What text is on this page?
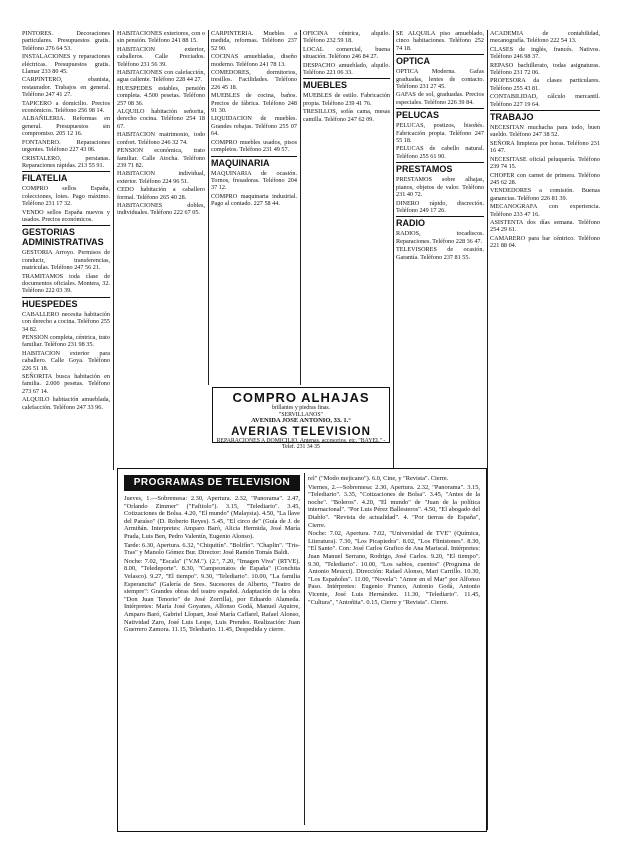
PINTORES. Decoraciones particulares. Presupuestos gratis. Teléfono 276 64 53.

INSTALACIONES y reparaciones eléctricas. Presupuestos gratis. Llamar 233 80 45.

CARPINTERO, ebanista, restaurador. Trabajos en general. Teléfono 247 41 27.

TAPICERO a domicilio. Precios económicos. Teléfono 256 98 14.

ALBAÑILERIA. Reformas en general. Presupuestos sin compromiso. 205 12 16.

FONTANERO. Reparaciones urgentes. Teléfono 227 43 06.

CRISTALERO, persianas. Reparaciones rápidas. 213 55 91.

FILATELIA

COMPRO sellos España, colecciones, lotes. Pago máximo. Teléfono 231 17 32.

VENDO sellos España nuevos y usados. Precios económicos.

GESTORIAS ADMINISTRATIVAS

GESTORIA Arroyo. Permisos de conducir, transferencias, matrículas. Teléfono 247 56 21.

TRAMITAMOS toda clase de documentos oficiales. Montera, 32. Teléfono 222 03 39.

HUESPEDES

CABALLERO necesita habitación con derecho a cocina. Teléfono 255 34 82.

PENSION completa, céntrica, trato familiar. Teléfono 231 98 35.

HABITACION exterior para caballero. Calle Goya. Teléfono 226 51 18.

SEÑORITA busca habitación en familia. 2.000 pesetas. Teléfono 273 67 14.

ALQUILO habitación amueblada, calefacción. Teléfono 247 33 96.

HABITACIONES exteriores, con o sin pensión. Teléfono 241 88 15.

HABITACION exterior, caballeros. Calle Preciados. Teléfono 231 56 39.

HABITACIONES con calefacción, agua caliente. Teléfono 228 44 27.

HUESPEDES estables, pensión completa. 4.500 pesetas. Teléfono 257 08 36.

ALQUILO habitación señorita, derecho cocina. Teléfono 254 18 67.

HABITACION matrimonio, todo confort. Teléfono 246 32 74.

PENSION económica, trato familiar. Calle Atocha. Teléfono 239 71 82.

HABITACION individual, exterior. Teléfono 224 96 51.

CEDO habitación a caballero formal. Teléfono 265 40 28.

HABITACIONES dobles, individuales. Teléfono 222 67 05.

CARPINTERIA. Muebles a medida, reformas. Teléfono 237 52 90.

COCINAS amuebladas, diseño moderno. Teléfono 241 78 13.

COMEDORES, dormitorios, tresillos. Facilidades. Teléfono 226 45 18.

MUEBLES de cocina, baños. Precios de fábrica. Teléfono 248 91 30.

LIQUIDACION de muebles. Grandes rebajas. Teléfono 255 07 64.

COMPRO muebles usados, pisos completos. Teléfono 231 49 57.

MAQUINARIA

MAQUINARIA de ocasión. Tornos, fresadoras. Teléfono 204 37 12.

COMPRO maquinaria industrial. Pago al contado. 227 58 44.

OFICINA céntrica, alquilo. Teléfono 232 59 18.

LOCAL comercial, buena situación. Teléfono 246 84 27.

DESPACHO amueblado, alquilo. Teléfono 221 06 33.

MUEBLES

MUEBLES de estilo. Fabricación propia. Teléfono 239 41 76.

TRESILLOS, sofás cama, mesas camilla. Teléfono 247 62 09.

SE ALQUILA piso amueblado, cinco habitaciones. Teléfono 252 74 18.

OPTICA

OPTICA Moderna. Gafas graduadas, lentes de contacto. Teléfono 231 27 45.

GAFAS de sol, graduadas. Precios especiales. Teléfono 226 39 84.

PELUCAS

PELUCAS, postizos, bisoñés. Fabricación propia. Teléfono 247 55 18.

PELUCAS de cabello natural. Teléfono 255 61 90.

PRESTAMOS

PRESTAMOS sobre alhajas, pianos, objetos de valor. Teléfono 231 40 72.

DINERO rápido, discreción. Teléfono 249 17 26.

RADIO

RADIOS, tocadiscos. Reparaciones. Teléfono 228 36 47.

TELEVISORES de ocasión. Garantía. Teléfono 237 81 55.

ACADEMIA de contabilidad, mecanografía. Teléfono 222 54 13.

CLASES de inglés, francés. Nativos. Teléfono 246 98 37.

REPASO bachillerato, todas asignaturas. Teléfono 231 72 06.

PROFESORA da clases particulares. Teléfono 255 43 81.

CONTABILIDAD, cálculo mercantil. Teléfono 227 19 64.

TRABAJO

NECESITAN muchacha para todo, buen sueldo. Teléfono 247 38 52.

SEÑORA limpieza por horas. Teléfono 231 16 47.

NECESITASE oficial peluquería. Teléfono 239 74 15.

CHOFER con carnet de primera. Teléfono 245 62 28.

VENDEDORES a comisión. Buenas ganancias. Teléfono 226 81 39.

MECANOGRAFA con experiencia. Teléfono 233 47 16.

ASISTENTA dos días semana. Teléfono 254 29 61.

CAMARERO para bar céntrico. Teléfono 221 88 04.

COMPRO ALHAJAS
brillantes y piedras finas.
"SERVILLANOS"
AVENIDA JOSE ANTONIO, 33. 1.°
AVERIAS TELEVISION
REPARACIONES A DOMICILIO. Antenas, accesorios, etc. "BAYEL" - Telef. 231 34 35
PROGRAMAS DE TELEVISION

Jueves, 1.—Sobremesa: 2.30, Apertura. 2.32, "Panorama". 2.47, "Orlando Zimmer" ("Fafitolo"). 3.15, "Telediario". 3.45, Cotizaciones de Bolsa. 4.20, "El mundo" (Malaysia). 4.50, "La llave del Paraíso" (D. Roberto Reyes). 5.45, "El circo de" (Guía de J. de Armiñán. Interpretes: Amparo Baró, Alicia Hermida, José María Prada, Luis Ben, Pedro Valentín, Eugenio Alonso).

Tarde: 6.30, Apertura. 6.32, "Chiquitín". "Bolifín". "Chaplin". "Tris-Tras" y Manolo Gómez Bur. Director: José Ramón Tomás Baldi.

Noche: 7.02, "Escala" ("V.M."). (2.ª, 7.20, "Imagen Viva" (RTVE). 8.00, "Teledeporte". 8.30, "Campeonatos de España" (Conchita Velasco). 9.27, "El tiempo". 9.30, "Telediario". 10.00, "La familia Esperancita" (Galería de Sres. Sucesores de Alberto, "Teatro de siempre": Grandes obras del teatro español. Adaptación de la obra "Don Juan Tenorio" de José Zorrilla), por Eduardo Alameda. Intérpretes: María José Goyanes, Alfonso Godá, Manuel Aquirre, Amparo Baró, Gabriel Llopart, José María Caffarel, Rafael Alonso, Natividad Zaro, José Luis Lespe, Luis Prendes. Realización: Juan Guerrero Zamora. 11.15, Telediario. 11.45, Despedida y cierre.

rel" ("Modo mejicano"). 6.0, Cine, y "Revista". Cierre.

Viernes, 2.—Sobremesa: 2.30, Apertura. 2.32, "Panorama". 3.15, "Telediario". 3.35, "Cotizaciones de Bolsa". 3.45, "Antes de la noche". "Boleros". 4.20, "El mundo" de "Juan de la política internacional". "Por Luis Pérez Ballesteros". 4.50, "El abogado del Diablo". "Revista de actualidad". 4. "Por tierras de España", Cierre.

Noche: 7.02, Apertura. 7.02, "Universidad de TVE" (Química, Literatura). 7.30, "Los Picapiedra". 8.02, "Los Flintstones". 8.30, "El Santo". Con: José Carlos Grafico de Ana Mariscal. Intérpretes: Juan Manuel Serrano, Rodrigo, José Carlos. 9.20, "El tiempo". 9.30, "Telediario". 10.00, "Los sabios, cuentos" (Programa de Antonio Meucci). Dirección: Rafael Alonso, Mari Carrillo. 10.30, "Los Españoles". 11.00, "Novela": "Amor en el Mar" por Alfonso Paso. Intérpretes: Eugenio Franco, Antonio Godá, Antonio Vicente, José Luis Hernández. 11.30, "Telediario". 11.45, "Cultura", "Antoñita". 0.15, Cierre y "Revista". Cierre.
